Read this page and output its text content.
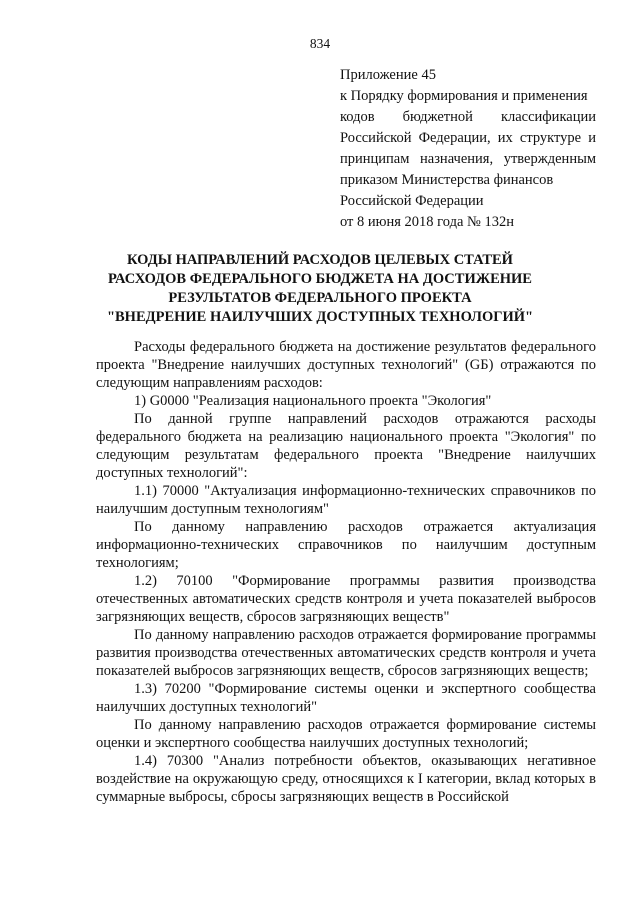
834
Приложение 45
к Порядку формирования и применения
кодов бюджетной классификации
Российской Федерации, их структуре и
принципам назначения, утвержденным
приказом Министерства финансов
Российской Федерации
от 8 июня 2018 года № 132н
КОДЫ НАПРАВЛЕНИЙ РАСХОДОВ ЦЕЛЕВЫХ СТАТЕЙ
РАСХОДОВ ФЕДЕРАЛЬНОГО БЮДЖЕТА НА ДОСТИЖЕНИЕ
РЕЗУЛЬТАТОВ ФЕДЕРАЛЬНОГО ПРОЕКТА
"ВНЕДРЕНИЕ НАИЛУЧШИХ ДОСТУПНЫХ ТЕХНОЛОГИЙ"

Расходы федерального бюджета на достижение результатов федерального проекта "Внедрение наилучших доступных технологий" (GБ) отражаются по следующим направлениям расходов:

1) G0000 "Реализация национального проекта "Экология"

По данной группе направлений расходов отражаются расходы федерального бюджета на реализацию национального проекта "Экология" по следующим результатам федерального проекта "Внедрение наилучших доступных технологий":

1.1) 70000 "Актуализация информационно-технических справочников по наилучшим доступным технологиям"

По данному направлению расходов отражается актуализация информационно-технических справочников по наилучшим доступным технологиям;

1.2) 70100 "Формирование программы развития производства отечественных автоматических средств контроля и учета показателей выбросов загрязняющих веществ, сбросов загрязняющих веществ"

По данному направлению расходов отражается формирование программы развития производства отечественных автоматических средств контроля и учета показателей выбросов загрязняющих веществ, сбросов загрязняющих веществ;

1.3) 70200 "Формирование системы оценки и экспертного сообщества наилучших доступных технологий"

По данному направлению расходов отражается формирование системы оценки и экспертного сообщества наилучших доступных технологий;

1.4) 70300 "Анализ потребности объектов, оказывающих негативное воздействие на окружающую среду, относящихся к I категории, вклад которых в суммарные выбросы, сбросы загрязняющих веществ в Российской
